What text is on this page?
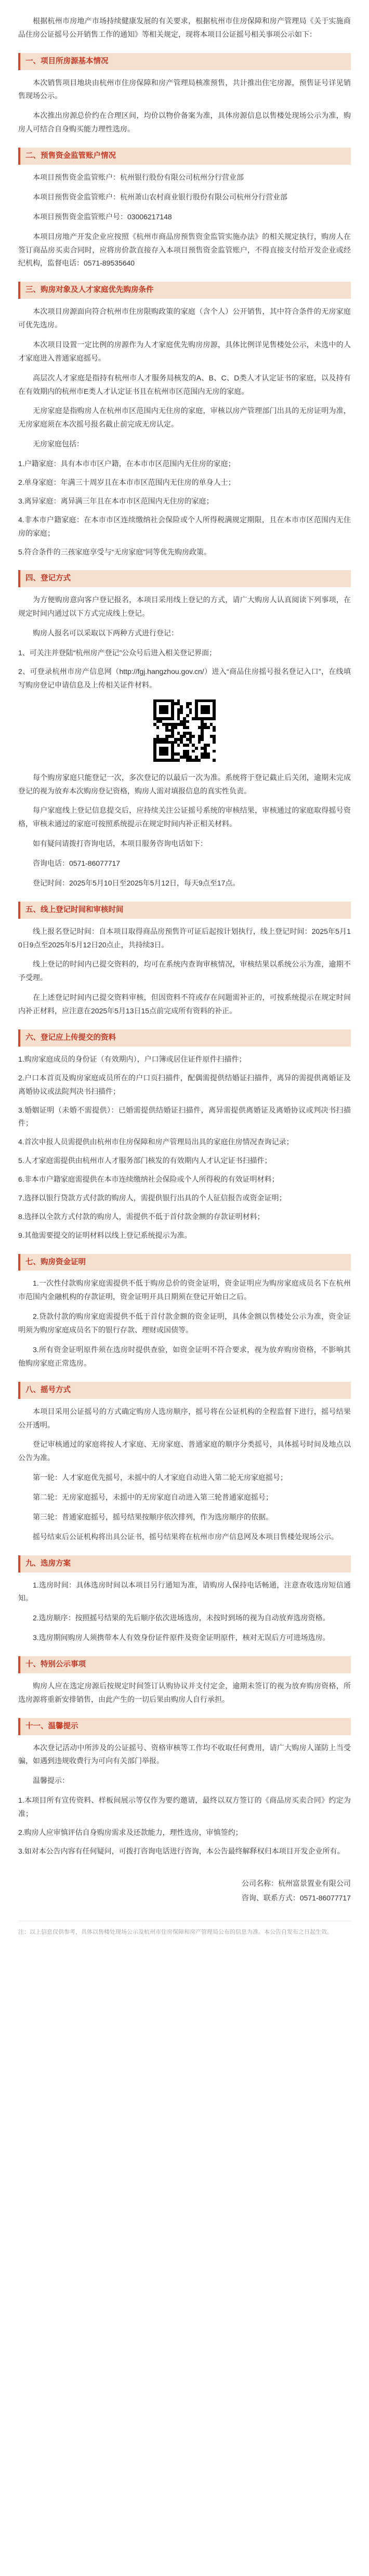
根据杭州市房地产市场持续健康发展的有关要求，根据杭州市住房保障和房产管理局《关于实施商品住房公证摇号公开销售工作的通知》等相关规定，现将本项目公证摇号相关事项公示如下：

一、项目所房源基本情况

本次销售项目地块由杭州市住房保障和房产管理局核准预售，共计推出住宅房源，预售证号详见销售现场公示。

本次推出房源总价约在合理区间，均价以物价备案为准，具体房源信息以售楼处现场公示为准，购房人可结合自身购买能力理性选房。

二、预售资金监管账户情况

本项目预售资金监管账户：杭州银行股份有限公司杭州分行营业部

本项目预售资金监管账户：杭州萧山农村商业银行股份有限公司杭州分行营业部

本项目预售资金监管账户号：03006217148

本项目房地产开发企业应按照《杭州市商品房预售资金监管实施办法》的相关规定执行，购房人在签订商品房买卖合同时，应将房价款直接存入本项目预售资金监管账户，不得直接支付给开发企业或经纪机构，监督电话：0571-89535640

三、购房对象及人才家庭优先购房条件

本次项目房源面向符合杭州市住房限购政策的家庭（含个人）公开销售，其中符合条件的无房家庭可优先选房。

本次项目设置一定比例的房源作为人才家庭优先购房房源，具体比例详见售楼处公示，未选中的人才家庭进入普通家庭摇号。

高层次人才家庭是指持有杭州市人才服务局核发的A、B、C、D类人才认定证书的家庭，以及持有在有效期内的杭州市E类人才认定证书且在杭州市区范围内无房的家庭。

无房家庭是指购房人在杭州市区范围内无住房的家庭，审核以房产管理部门出具的无房证明为准，无房家庭须在本次摇号报名截止前完成无房认定。

无房家庭包括：

1.户籍家庭：具有本市市区户籍，在本市市区范围内无住房的家庭；

2.单身家庭：年满三十周岁且在本市市区范围内无住房的单身人士；

3.离异家庭：离异满三年且在本市市区范围内无住房的家庭；

4.非本市户籍家庭：在本市市区连续缴纳社会保险或个人所得税满规定期限，且在本市市区范围内无住房的家庭；

5.符合条件的三孩家庭享受与“无房家庭”同等优先购房政策。

四、登记方式

为方便购房意向客户登记报名，本项目采用线上登记的方式，请广大购房人认真阅读下列事项，在规定时间内通过以下方式完成线上登记。

购房人报名可以采取以下两种方式进行登记：

1、可关注并登陆“杭州房产登记”公众号后进入相关登记界面；

2、可登录杭州市房产信息网（http://fgj.hangzhou.gov.cn/）进入“商品住房摇号报名登记入口”，在线填写购房登记申请信息及上传相关证件材料。

每个购房家庭只能登记一次，多次登记的以最后一次为准。系统将于登记截止后关闭，逾期未完成登记的视为放弃本次购房登记资格，购房人需对填报信息的真实性负责。

每户家庭线上登记信息提交后，应持续关注公证摇号系统的审核结果，审核通过的家庭取得摇号资格，审核未通过的家庭可按照系统提示在规定时间内补正相关材料。

如有疑问请拨打咨询电话，本项目服务咨询电话如下：

咨询电话：0571-86077717

登记时间：2025年5月10日至2025年5月12日，每天9点至17点。

五、线上登记时间和审核时间

线上报名登记时间：自本项目取得商品房预售许可证后起按计划执行，线上登记时间：2025年5月10日9点至2025年5月12日20点止，共持续3日。

线上登记的时间内已提交资料的，均可在系统内查询审核情况，审核结果以系统公示为准，逾期不予受理。

在上述登记时间内已提交资料审核，但因资料不符或存在问题需补正的，可按系统提示在规定时间内补正材料，应注意在2025年5月13日15点前完成所有资料的补正。

六、登记应上传提交的资料

1.购房家庭成员的身份证（有效期内），户口簿或居住证件原件扫描件；

2.户口本首页及购房家庭成员所在的户口页扫描件，配偶需提供结婚证扫描件，离异的需提供离婚证及离婚协议或法院判决书扫描件；

3.婚姻证明（未婚不需提供）：已婚需提供结婚证扫描件，离异需提供离婚证及离婚协议或判决书扫描件；

4.首次申报人员需提供由杭州市住房保障和房产管理局出具的家庭住房情况查询记录；

5.人才家庭需提供由杭州市人才服务部门核发的有效期内人才认定证书扫描件；

6.非本市户籍家庭需提供在本市连续缴纳社会保险或个人所得税的有效证明材料；

7.选择以银行贷款方式付款的购房人，需提供银行出具的个人征信报告或资金证明；

8.选择以全款方式付款的购房人，需提供不低于首付款金额的存款证明材料；

9.其他需要提交的证明材料以线上登记系统提示为准。

七、购房资金证明

1.一次性付款购房家庭需提供不低于购房总价的资金证明，资金证明应为购房家庭成员名下在杭州市范围内金融机构的存款证明，资金证明开具日期须在登记开始日之后。

2.贷款付款的购房家庭需提供不低于首付款金额的资金证明，具体金额以售楼处公示为准，资金证明须为购房家庭成员名下的银行存款、理财或国债等。

3.所有资金证明原件须在选房时提供查验，如资金证明不符合要求，视为放弃购房资格，不影响其他购房家庭正常选房。

八、摇号方式

本项目采用公证摇号的方式确定购房人选房顺序，摇号将在公证机构的全程监督下进行，摇号结果公开透明。

登记审核通过的家庭将按人才家庭、无房家庭、普通家庭的顺序分类摇号，具体摇号时间及地点以公告为准。

第一轮：人才家庭优先摇号，未摇中的人才家庭自动进入第二轮无房家庭摇号；

第二轮：无房家庭摇号，未摇中的无房家庭自动进入第三轮普通家庭摇号；

第三轮：普通家庭摇号，摇号结果按顺序依次排列，作为选房顺序的依据。

摇号结束后公证机构将出具公证书，摇号结果将在杭州市房产信息网及本项目售楼处现场公示。

九、选房方案

1.选房时间：具体选房时间以本项目另行通知为准，请购房人保持电话畅通，注意查收选房短信通知。

2.选房顺序：按照摇号结果的先后顺序依次进场选房，未按时到场的视为自动放弃选房资格。

3.选房期间购房人须携带本人有效身份证件原件及资金证明原件，核对无误后方可进场选房。

十、特别公示事项

购房人应在选定房源后按规定时间签订认购协议并支付定金，逾期未签订的视为放弃购房资格，所选房源将重新安排销售，由此产生的一切后果由购房人自行承担。

十一、温馨提示

本次登记活动中所涉及的公证摇号、资格审核等工作均不收取任何费用，请广大购房人谨防上当受骗，如遇到违规收费行为可向有关部门举报。

温馨提示：

1.本项目所有宣传资料、样板间展示等仅作为要约邀请，最终以双方签订的《商品房买卖合同》约定为准；

2.购房人应审慎评估自身购房需求及还款能力，理性选房，审慎签约；

3.如对本公告内容有任何疑问，可拨打咨询电话进行咨询，本公告最终解释权归本项目开发企业所有。

公司名称：杭州富景置业有限公司
咨询、联系方式：0571-86077717

注：以上信息仅供参考，具体以售楼处现场公示及杭州市住房保障和房产管理局公布的信息为准。本公告自发布之日起生效。
